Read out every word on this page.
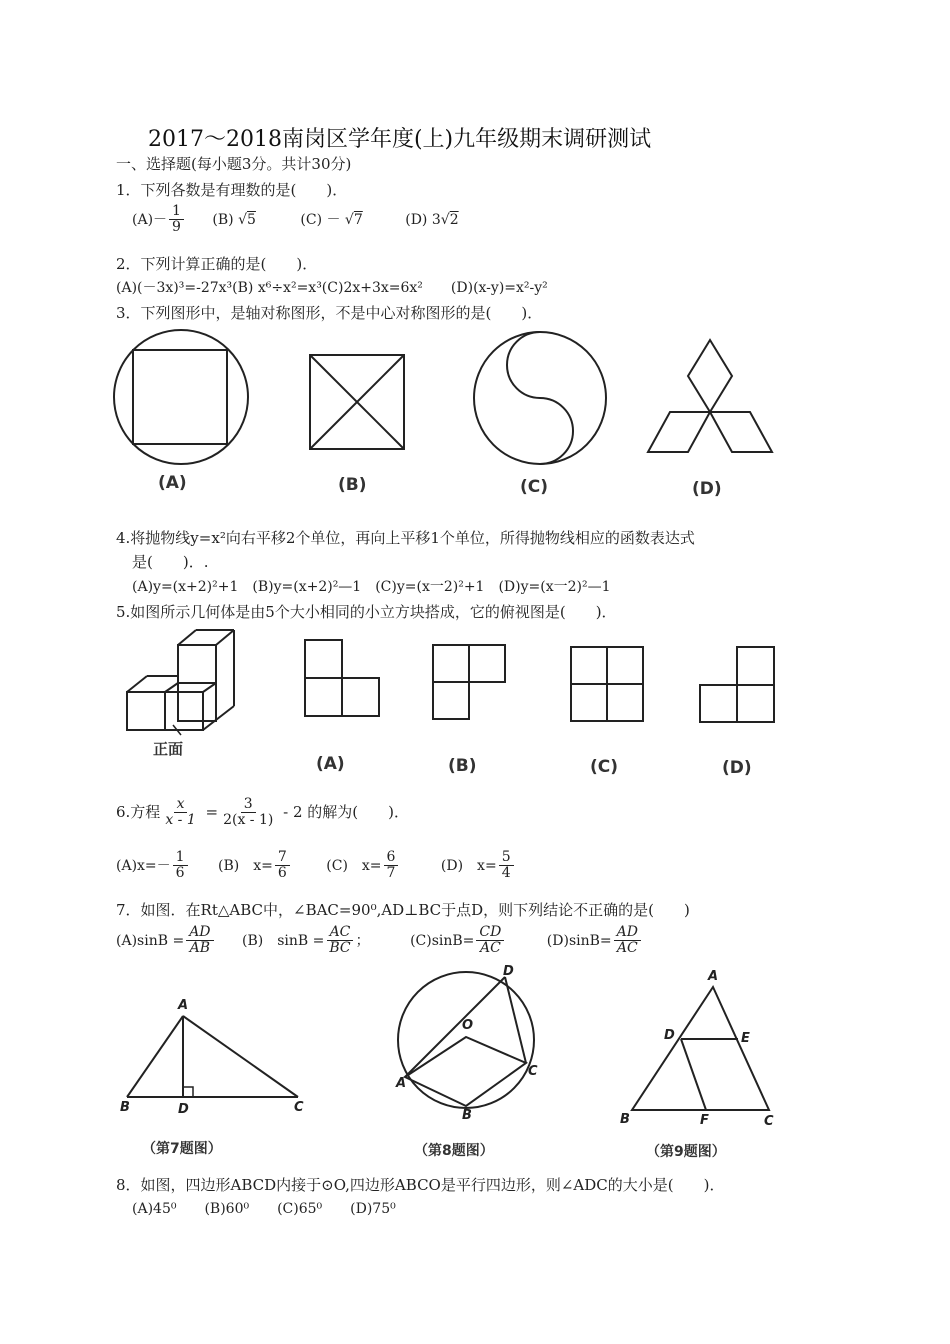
2017～2018南岗区学年度(上)九年级期末调研测试
一、选择题(每小题3分。共计30分)
1．下列各数是有理数的是(　　)．
$(A)- \frac{1}{9} (B)$ √5	(C) － √7	(D) 3√2
2．下列计算正确的是(　　)．
(A)(－3x)³=-27x³(B) x⁶÷x²=x³(C)2x+3x=6x²　　(D)(x-y)=x²-y²
3．下列图形中，是轴对称图形，不是中心对称图形的是(　　)．
(A)	(B)	(C)	(D)
4.将抛物线y=x²向右平移2个单位，再向上平移1个单位，所得抛物线相应的函数表达式
是(　　)．.
(A)y=(x+2)²+1　(B)y=(x+2)²—1　(C)y=(x一2)²+1　(D)y=(x一2)²—1
5.如图所示几何体是由5个大小相同的小立方块搭成，它的俯视图是(　　)．
正面
(A)	(B)	(C)	(D)
6.方程 $\frac{x}{x - 1} = \frac{3}{2(x - 1)} - 2$ 的解为(　　)．
$(A)x=- \frac{1}{6} (B)$　$x= \frac{7}{6}$	(C)　$x= \frac{6}{7}$	(D)　$x= \frac{5}{4}$
7．如图．在Rt△ABC中，∠BAC=90⁰,AD⊥BC于点D，则下列结论不正确的是(　　)
$(A)\sin B = \frac{AD}{AB} (B)$　$\sin B = \frac{AC}{BC}$ ；	$(C)\sin B= \frac{CD}{AC}$	$(D)\sin B= \frac{AD}{AC}$
A
B	D	C
D
O
A
C
B
A
D	E
B	F	C
（第7题图）	（第8题图）	（第9题图）
8．如图，四边形ABCD内接于⊙O,四边形ABCO是平行四边形，则∠ADC的大小是(　　)．
(A)45⁰　　(B)60⁰　　(C)65⁰　　(D)75⁰
